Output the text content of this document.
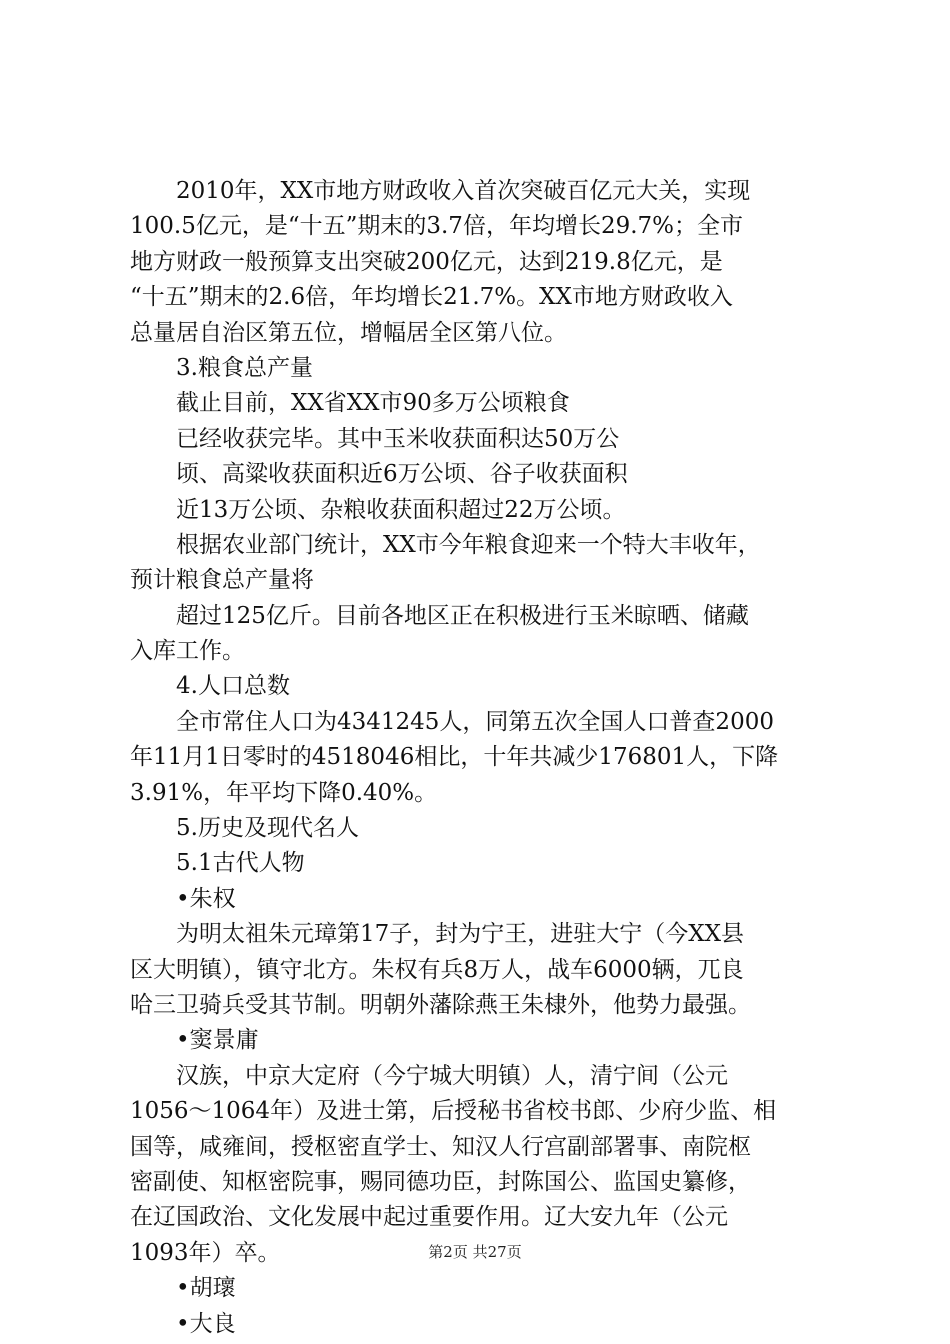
2010年，XX市地方财政收入首次突破百亿元大关，实现
100.5亿元，是“十五”期末的3.7倍，年均增长29.7%；全市
地方财政一般预算支出突破200亿元，达到219.8亿元，是
“十五”期末的2.6倍，年均增长21.7%。XX市地方财政收入
总量居自治区第五位，增幅居全区第八位。
3.粮食总产量
截止目前，XX省XX市90多万公顷粮食
已经收获完毕。其中玉米收获面积达50万公
顷、高粱收获面积近6万公顷、谷子收获面积
近13万公顷、杂粮收获面积超过22万公顷。
根据农业部门统计，XX市今年粮食迎来一个特大丰收年，
预计粮食总产量将
超过125亿斤。目前各地区正在积极进行玉米晾晒、储藏
入库工作。
4.人口总数
全市常住人口为4341245人，同第五次全国人口普查2000
年11月1日零时的4518046相比，十年共减少176801人，下降
3.91%，年平均下降0.40%。
5.历史及现代名人
5.1古代人物
•朱权
为明太祖朱元璋第17子，封为宁王，进驻大宁（今XX县
区大明镇），镇守北方。朱权有兵8万人，战车6000辆，兀良
哈三卫骑兵受其节制。明朝外藩除燕王朱棣外，他势力最强。
•窦景庸
汉族，中京大定府（今宁城大明镇）人，清宁间（公元
1056～1064年）及进士第，后授秘书省校书郎、少府少监、相
国等，咸雍间，授枢密直学士、知汉人行宫副部署事、南院枢
密副使、知枢密院事，赐同德功臣，封陈国公、监国史纂修，
在辽国政治、文化发展中起过重要作用。辽大安九年（公元
1093年）卒。
•胡瓌
•大良
第2页 共27页
